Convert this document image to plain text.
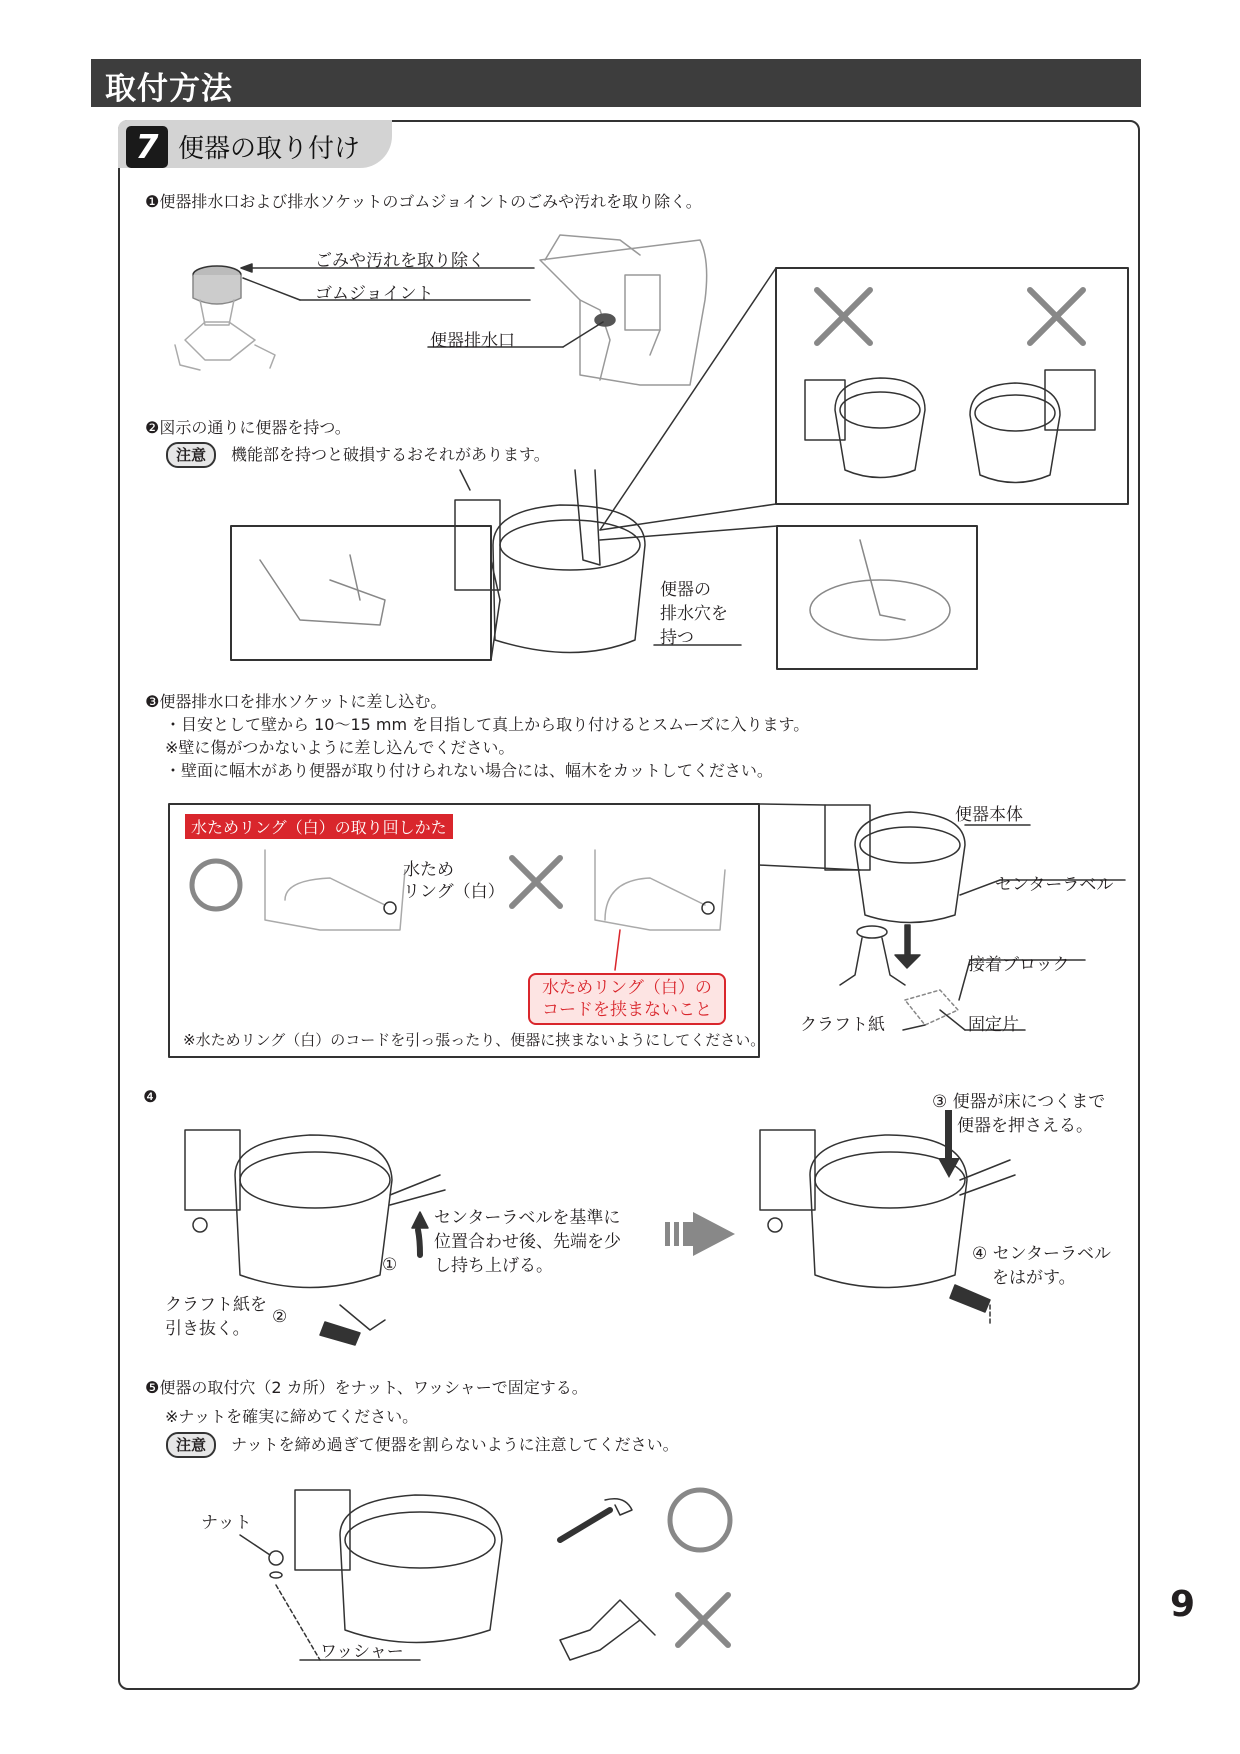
取付方法
7 便器の取り付け
❶便器排水口および排水ソケットのゴムジョイントのごみや汚れを取り除く。
ごみや汚れを取り除く
ゴムジョイント
便器排水口
❷図示の通りに便器を持つ。
注意	機能部を持つと破損するおそれがあります。
便器の
排水穴を
持つ
❸便器排水口を排水ソケットに差し込む。
・目安として壁から 10～15 mm を目指して真上から取り付けるとスムーズに入ります。
※壁に傷がつかないように差し込んでください。
・壁面に幅木があり便器が取り付けられない場合には、幅木をカットしてください。
水ためリング（白）の取り回しかた
水ため
リング（白）
水ためリング（白）の
コードを挟まないこと
※水ためリング（白）のコードを引っ張ったり、便器に挟まないようにしてください。
便器本体
センターラベル
接着ブロック
クラフト紙	固定片
❹
センターラベルを基準に
位置合わせ後、先端を少
し持ち上げる。
①
クラフト紙を
引き抜く。
②
③ 便器が床につくまで
便器を押さえる。
④ センターラベル
をはがす。
❺便器の取付穴（2 カ所）をナット、ワッシャーで固定する。
※ナットを確実に締めてください。
注意	ナットを締め過ぎて便器を割らないように注意してください。
ナット
ワッシャー
9
